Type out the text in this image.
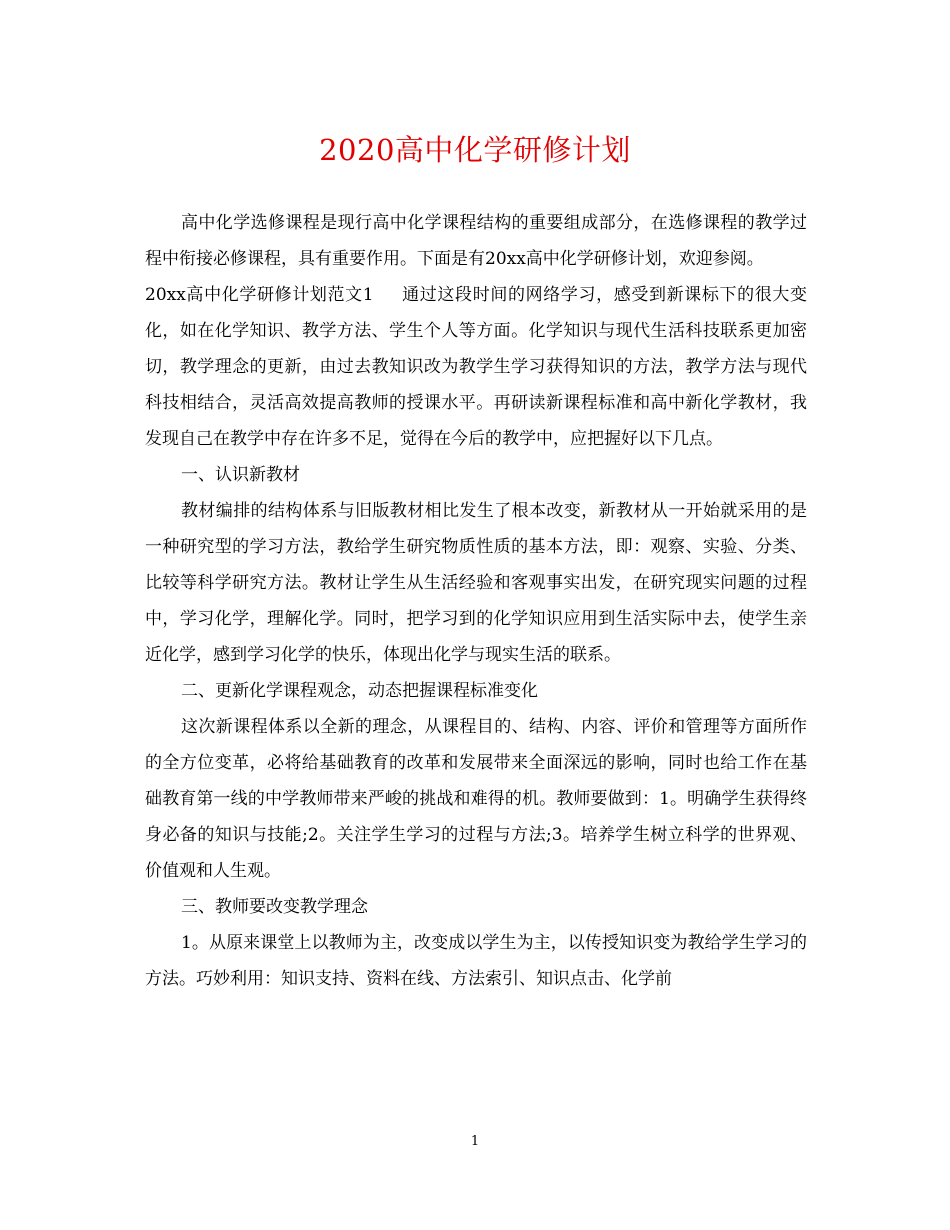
2020高中化学研修计划

高中化学选修课程是现行高中化学课程结构的重要组成部分，在选修课程的教学过程中衔接必修课程，具有重要作用。下面是有20xx高中化学研修计划，欢迎参阅。

20xx高中化学研修计划范文1 通过这段时间的网络学习，感受到新课标下的很大变化，如在化学知识、教学方法、学生个人等方面。化学知识与现代生活科技联系更加密切，教学理念的更新，由过去教知识改为教学生学习获得知识的方法，教学方法与现代科技相结合，灵活高效提高教师的授课水平。再研读新课程标准和高中新化学教材，我发现自己在教学中存在许多不足，觉得在今后的教学中，应把握好以下几点。

一、认识新教材

教材编排的结构体系与旧版教材相比发生了根本改变，新教材从一开始就采用的是一种研究型的学习方法，教给学生研究物质性质的基本方法，即：观察、实验、分类、比较等科学研究方法。教材让学生从生活经验和客观事实出发，在研究现实问题的过程中，学习化学，理解化学。同时，把学习到的化学知识应用到生活实际中去，使学生亲近化学，感到学习化学的快乐，体现出化学与现实生活的联系。

二、更新化学课程观念，动态把握课程标准变化

这次新课程体系以全新的理念，从课程目的、结构、内容、评价和管理等方面所作的全方位变革，必将给基础教育的改革和发展带来全面深远的影响，同时也给工作在基础教育第一线的中学教师带来严峻的挑战和难得的机。教师要做到：1。明确学生获得终身必备的知识与技能;2。关注学生学习的过程与方法;3。培养学生树立科学的世界观、价值观和人生观。

三、教师要改变教学理念

1。从原来课堂上以教师为主，改变成以学生为主，以传授知识变为教给学生学习的方法。巧妙利用：知识支持、资料在线、方法索引、知识点击、化学前

1
